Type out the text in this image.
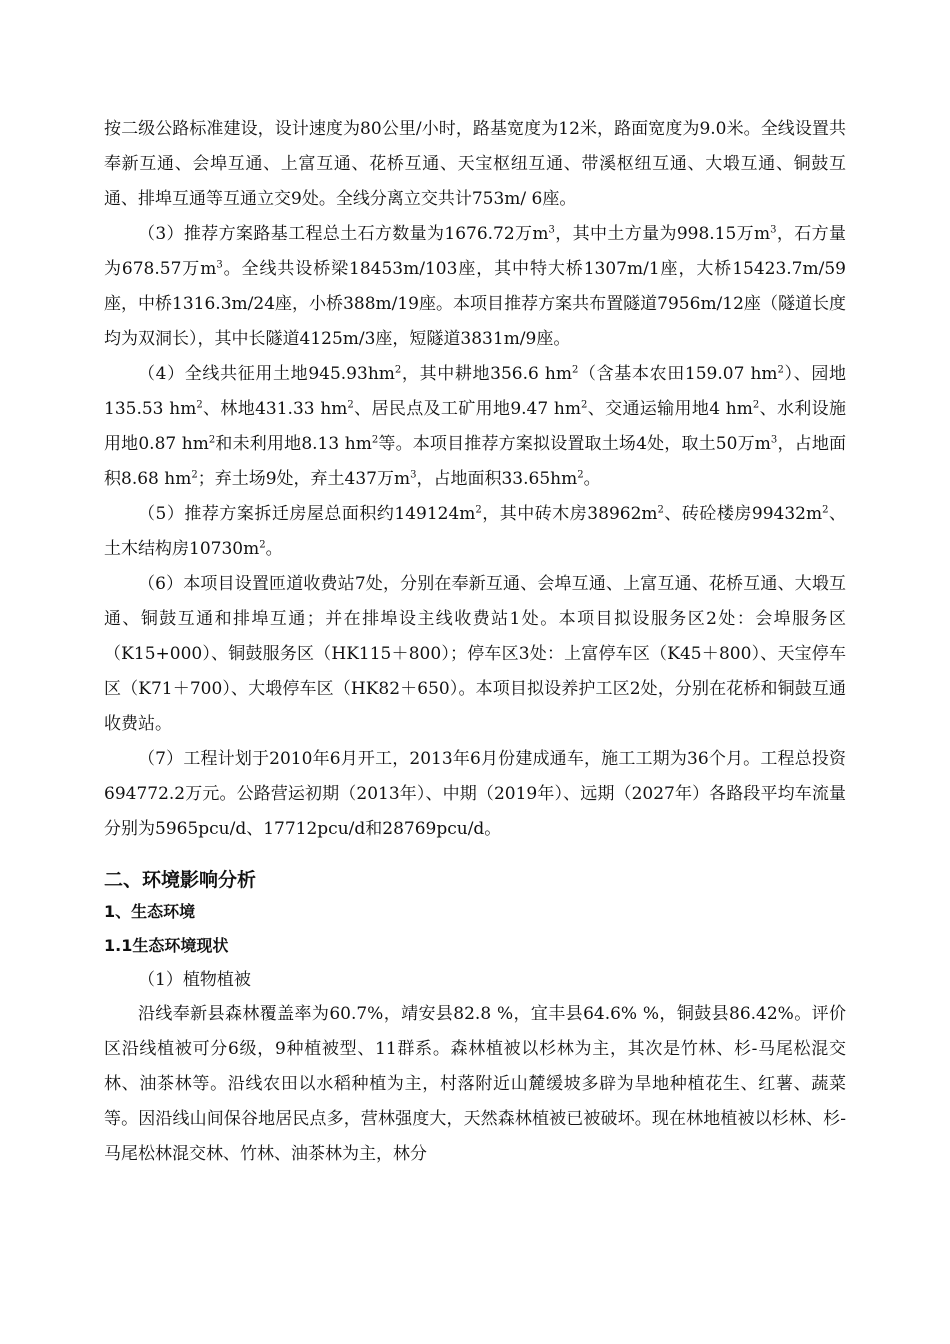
按二级公路标准建设，设计速度为80公里/小时，路基宽度为12米，路面宽度为9.0米。全线设置共奉新互通、会埠互通、上富互通、花桥互通、天宝枢纽互通、带溪枢纽互通、大塅互通、铜鼓互通、排埠互通等互通立交9处。全线分离立交共计753m/ 6座。

（3）推荐方案路基工程总土石方数量为1676.72万$m^3$，其中土方量为998.15万$m^3$，石方量为678.57万$m^3$。全线共设桥梁18453m/103座，其中特大桥1307m/1座，大桥15423.7m/59座，中桥1316.3m/24座，小桥388m/19座。本项目推荐方案共布置隧道7956m/12座（隧道长度均为双洞长），其中长隧道4125m/3座，短隧道3831m/9座。

（4）全线共征用土地$945.93hm^2$，其中耕地356.6 $hm^2$（含基本农田159.07 $hm^2$）、园地135.53 $hm^2$、林地431.33 $hm^2$、居民点及工矿用地9.47 $hm^2$、交通运输用地4 $hm^2$、水利设施用地0.87 $hm^2$和未利用地8.13 $hm^2$等。本项目推荐方案拟设置取土场4处，取土50万$m^3$，占地面积8.68 $hm^2$；弃土场9处，弃土437万$m^3$，占地面积$33.65hm^2$。

（5）推荐方案拆迁房屋总面积约$149124m^2$，其中砖木房$38962m^2$、砖砼楼房$99432m^2$、土木结构房$10730m^2$。

（6）本项目设置匝道收费站7处，分别在奉新互通、会埠互通、上富互通、花桥互通、大塅互通、铜鼓互通和排埠互通；并在排埠设主线收费站1处。本项目拟设服务区2处：会埠服务区（K15+000）、铜鼓服务区（HK115＋800）；停车区3处：上富停车区（K45＋800）、天宝停车区（K71＋700）、大塅停车区（HK82＋650）。本项目拟设养护工区2处，分别在花桥和铜鼓互通收费站。

（7）工程计划于2010年6月开工，2013年6月份建成通车，施工工期为36个月。工程总投资694772.2万元。公路营运初期（2013年）、中期（2019年）、远期（2027年）各路段平均车流量分别为5965pcu/d、17712pcu/d和28769pcu/d。

二、环境影响分析

1、生态环境

1.1生态环境现状

（1）植物植被

沿线奉新县森林覆盖率为60.7%，靖安县82.8 %，宜丰县64.6% %，铜鼓县86.42%。评价区沿线植被可分6级，9种植被型、11群系。森林植被以杉林为主，其次是竹林、杉-马尾松混交林、油茶林等。沿线农田以水稻种植为主，村落附近山麓缓坡多辟为旱地种植花生、红薯、蔬菜等。因沿线山间保谷地居民点多，营林强度大，天然森林植被已被破坏。现在林地植被以杉林、杉-马尾松林混交林、竹林、油茶林为主，林分
